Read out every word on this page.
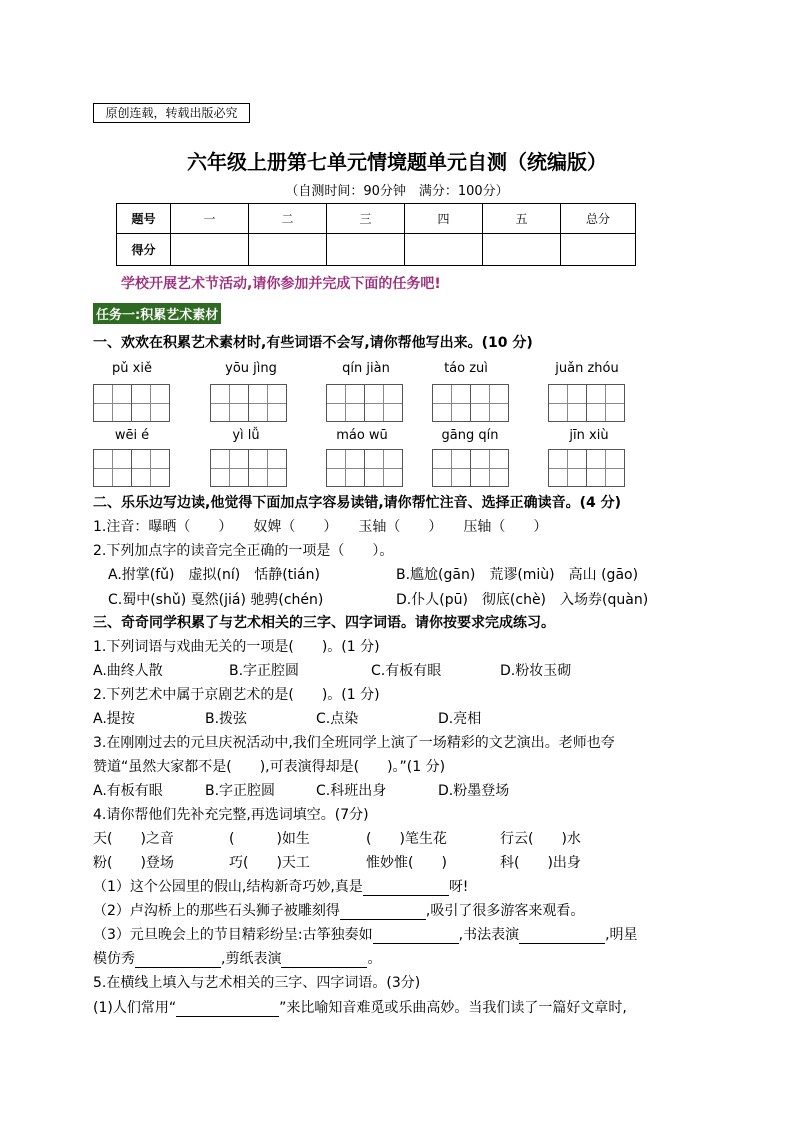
原创连载，转载出版必究
六年级上册第七单元情境题单元自测（统编版）
（自测时间：90分钟　满分：100分）
题号	一	二	三	四	五	总分
得分						
学校开展艺术节活动,请你参加并完成下面的任务吧!
任务一:积累艺术素材
一、欢欢在积累艺术素材时,有些词语不会写,请你帮他写出来。(10 分)
pǔ xiě	yōu jìng	qín jiàn	táo zuì	juǎn zhóu
wēi é	yì lǚ	máo wū	gāng qín	jīn xiù
二、乐乐边写边读,他觉得下面加点字容易读错,请你帮忙注音、选择正确读音。(4 分)
1.注音：曝晒（　　）　　奴婢（　　）　　玉轴（　　）　　压轴（　　）
2.下列加点字的读音完全正确的一项是（　　）。
A.拊掌(fǔ)　虚拟(ní)　恬静(tián)	B.尴尬(gān)　荒谬(miù)　高山 (gāo)
C.蜀中(shǔ) 戛然(jiá) 驰骋(chén)	D.仆人(pū)　彻底(chè)　入场券(quàn)
三、奇奇同学积累了与艺术相关的三字、四字词语。请你按要求完成练习。
1.下列词语与戏曲无关的一项是(　　)。(1 分)
A.曲终人散	B.字正腔圆	C.有板有眼	D.粉妆玉砌
2.下列艺术中属于京剧艺术的是(　　)。(1 分)
A.提按	B.拨弦	C.点染	D.亮相
3.在刚刚过去的元旦庆祝活动中,我们全班同学上演了一场精彩的文艺演出。老师也夸
赞道“虽然大家都不是(　　),可表演得却是(　　)。”(1 分)
A.有板有眼	B.字正腔圆	C.科班出身	D.粉墨登场
4.请你帮他们先补充完整,再选词填空。(7分)
天(　　)之音	(　　　)如生	(　　)笔生花	行云(　　)水
粉(　　)登场	巧(　　)天工	惟妙惟(　　)	科(　　)出身
（1）这个公园里的假山,结构新奇巧妙,真是	呀!
（2）卢沟桥上的那些石头狮子被雕刻得	,吸引了很多游客来观看。
（3）元旦晚会上的节目精彩纷呈:古筝独奏如	,书法表演	,明星
模仿秀	,剪纸表演	。
5.在横线上填入与艺术相关的三字、四字词语。(3分)
(1)人们常用“	”来比喻知音难觅或乐曲高妙。当我们读了一篇好文章时,
